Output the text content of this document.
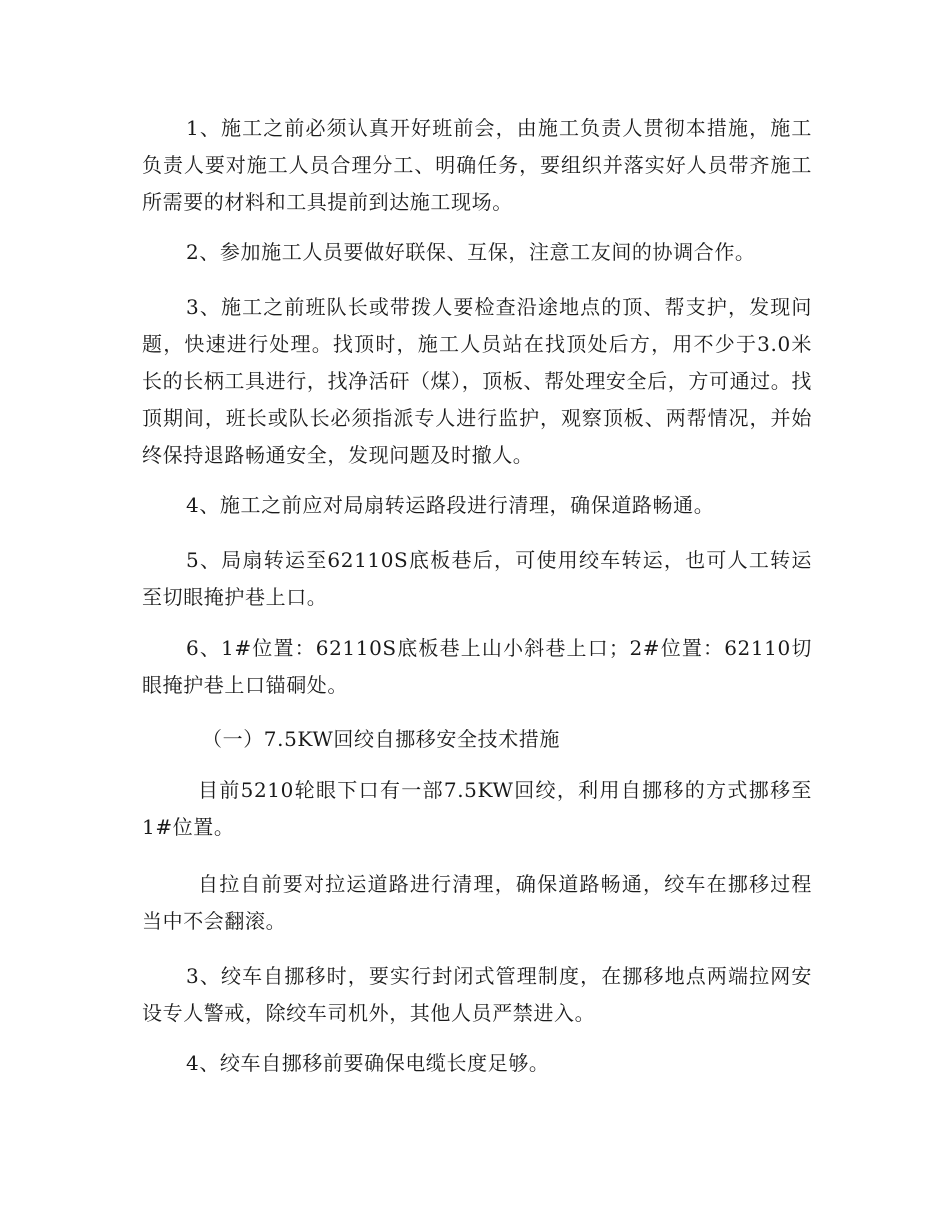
1、施工之前必须认真开好班前会，由施工负责人贯彻本措施，施工负责人要对施工人员合理分工、明确任务，要组织并落实好人员带齐施工所需要的材料和工具提前到达施工现场。

2、参加施工人员要做好联保、互保，注意工友间的协调合作。

3、施工之前班队长或带拨人要检查沿途地点的顶、帮支护，发现问题，快速进行处理。找顶时，施工人员站在找顶处后方，用不少于3.0米长的长柄工具进行，找净活矸（煤），顶板、帮处理安全后，方可通过。找顶期间，班长或队长必须指派专人进行监护，观察顶板、两帮情况，并始终保持退路畅通安全，发现问题及时撤人。

4、施工之前应对局扇转运路段进行清理，确保道路畅通。

5、局扇转运至62110S底板巷后，可使用绞车转运，也可人工转运至切眼掩护巷上口。

6、1#位置：62110S底板巷上山小斜巷上口；2#位置：62110切眼掩护巷上口锚硐处。

（一）7.5KW回绞自挪移安全技术措施

目前5210轮眼下口有一部7.5KW回绞，利用自挪移的方式挪移至1#位置。

自拉自前要对拉运道路进行清理，确保道路畅通，绞车在挪移过程当中不会翻滚。

3、绞车自挪移时，要实行封闭式管理制度，在挪移地点两端拉网安设专人警戒，除绞车司机外，其他人员严禁进入。

4、绞车自挪移前要确保电缆长度足够。
